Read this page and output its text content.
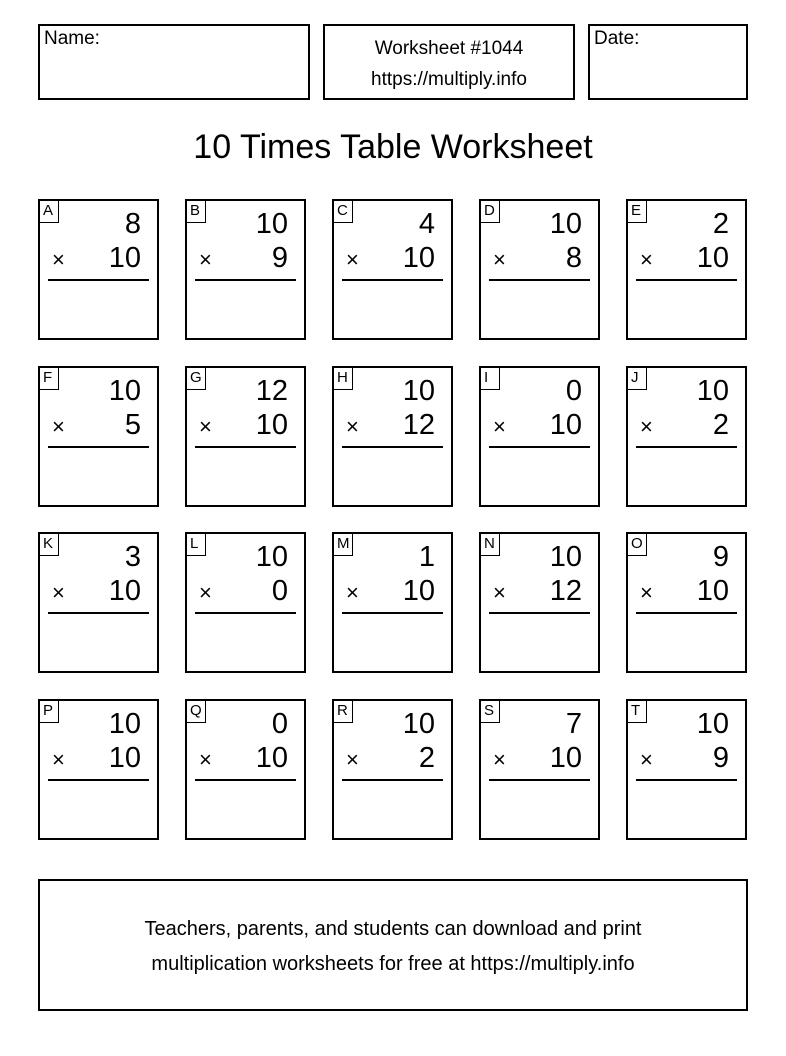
Name:	Worksheet #1044
https://multiply.info
Date:
10 Times Table Worksheet
A 8
× 10
B 10
× 9
C 4
× 10
D 10
× 8
E 2
× 10
F 10
× 5
G 12
× 10
H 10
× 12
I	0
× 10
J 10
× 2
K 3
× 10
L 10
× 0
M 1
× 10
N 10
× 12
O 9
× 10
P 10
× 10
Q 0
× 10
R 10
× 2
S 7
× 10
T 10
× 9
Teachers, parents, and students can download and print
multiplication worksheets for free at https://multiply.info
